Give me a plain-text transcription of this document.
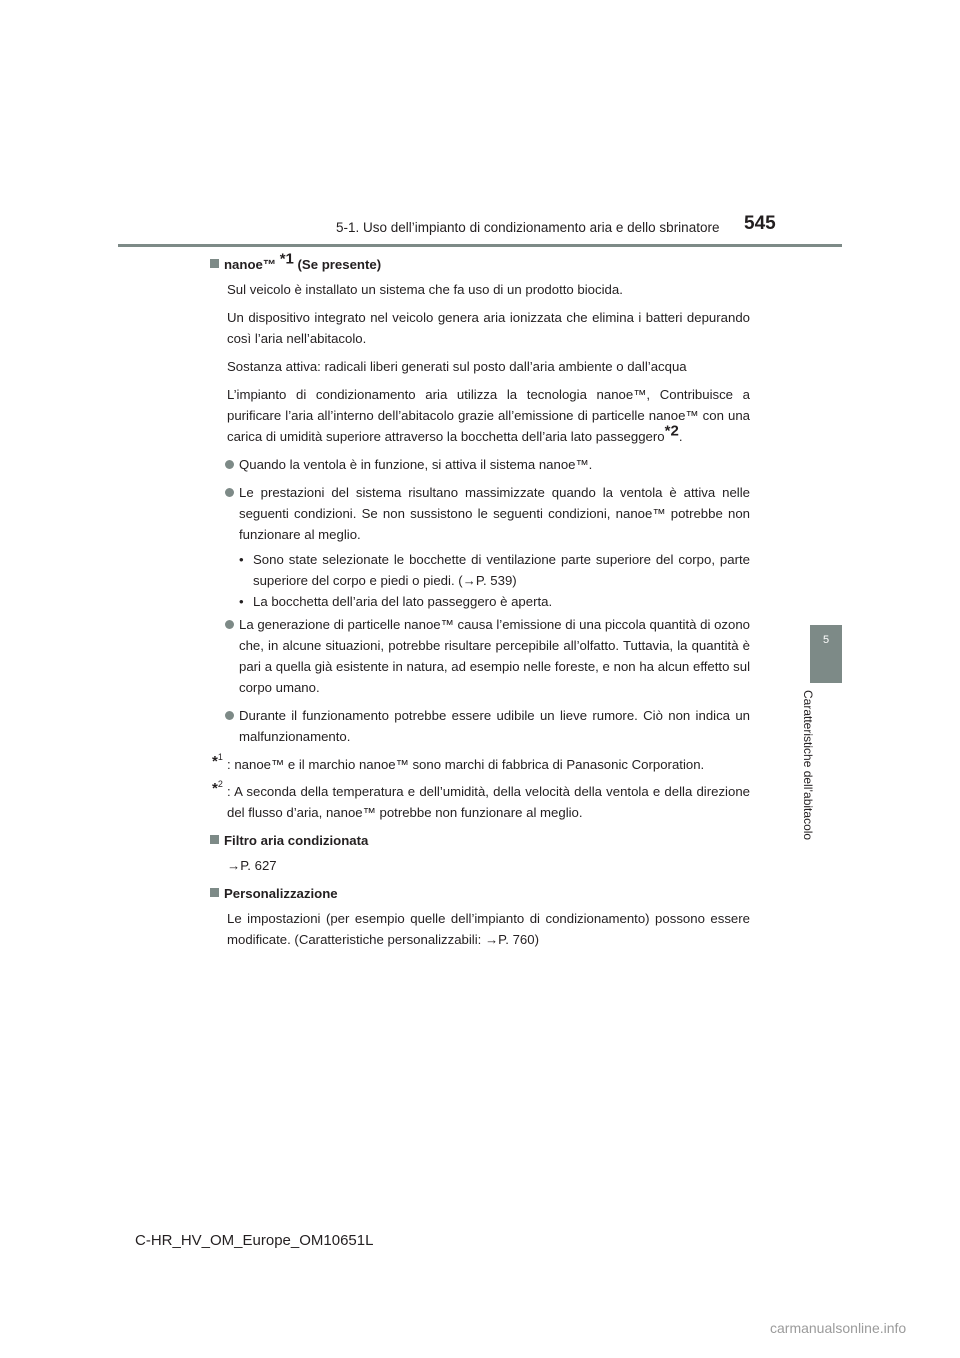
5-1. Uso dell’impianto di condizionamento aria e dello sbrinatore 545
5
Caratteristiche dell’abitacolo
nanoe™ $^{*1}$ (Se presente)

Sul veicolo è installato un sistema che fa uso di un prodotto biocida.

Un dispositivo integrato nel veicolo genera aria ionizzata che elimina i batteri depurando così l’aria nell’abitacolo.

Sostanza attiva: radicali liberi generati sul posto dall’aria ambiente o dall’acqua

L’impianto di condizionamento aria utilizza la tecnologia nanoe™, Contribuisce a purificare l’aria all’interno dell’abitacolo grazie all’emissione di particelle nanoe™ con una carica di umidità superiore attraverso la bocchetta dell’aria lato passeggero$^{*2}$.

Quando la ventola è in funzione, si attiva il sistema nanoe™.
Le prestazioni del sistema risultano massimizzate quando la ventola è attiva nelle seguenti condizioni. Se non sussistono le seguenti condizioni, nanoe™ potrebbe non funzionare al meglio.
• Sono state selezionate le bocchette di ventilazione parte superiore del corpo, parte superiore del corpo e piedi o piedi. (→P. 539)
• La bocchetta dell’aria del lato passeggero è aperta.
La generazione di particelle nanoe™ causa l’emissione di una piccola quantità di ozono che, in alcune situazioni, potrebbe risultare percepibile all’olfatto. Tuttavia, la quantità è pari a quella già esistente in natura, ad esempio nelle foreste, e non ha alcun effetto sul corpo umano.
Durante il funzionamento potrebbe essere udibile un lieve rumore. Ciò non indica un malfunzionamento.
*$^1$ : nanoe™ e il marchio nanoe™ sono marchi di fabbrica di Panasonic Corporation.
*$^2$ : A seconda della temperatura e dell’umidità, della velocità della ventola e della direzione del flusso d’aria, nanoe™ potrebbe non funzionare al meglio.
Filtro aria condizionata

→P. 627

Personalizzazione

Le impostazioni (per esempio quelle dell’impianto di condizionamento) possono essere modificate. (Caratteristiche personalizzabili: →P. 760)

C-HR_HV_OM_Europe_OM10651L
carmanualsonline.info
